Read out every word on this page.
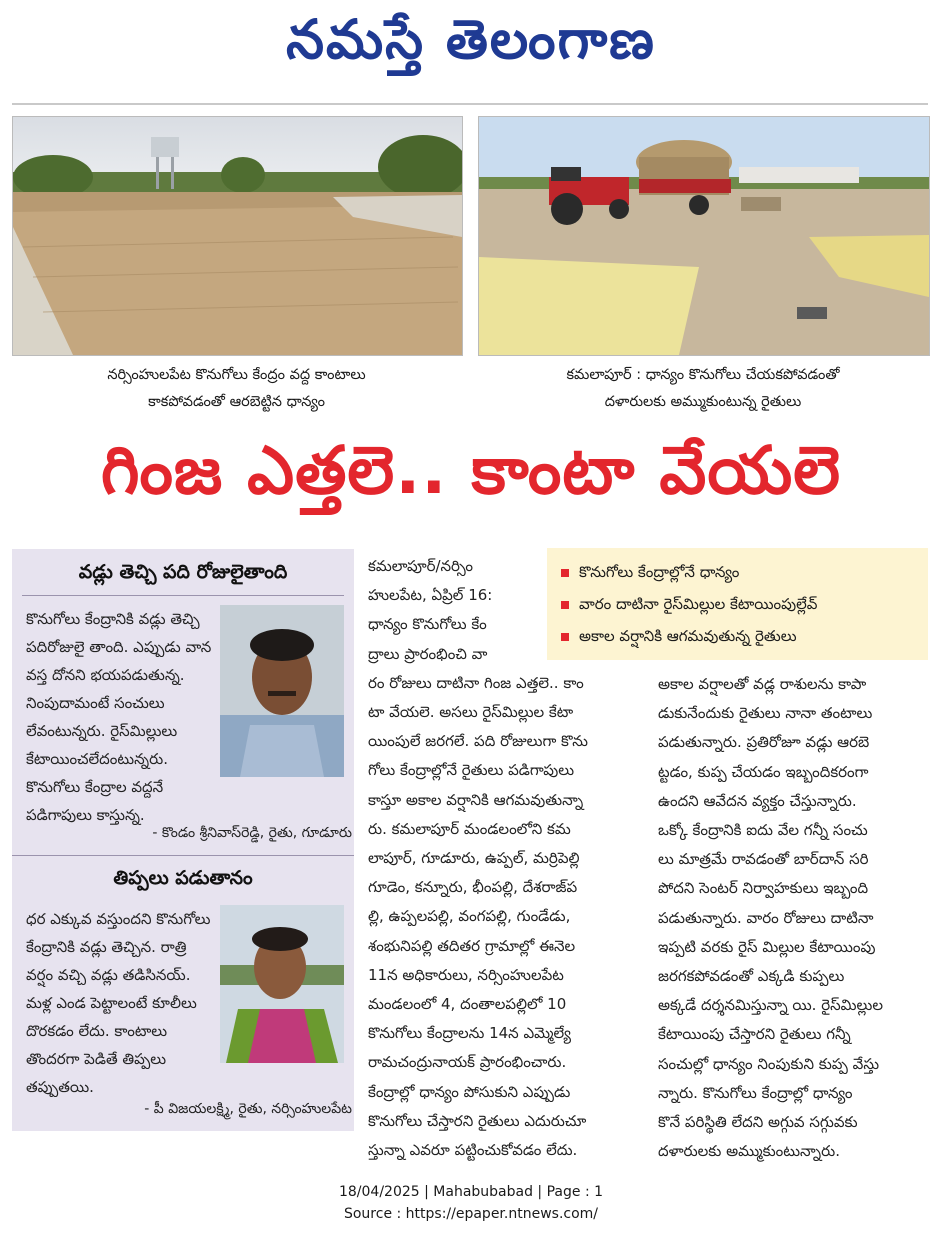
నమస్తే తెలంగాణ
నర్సింహులపేట కొనుగోలు కేంద్రం వద్ద కాంటాలు
కాకపోవడంతో ఆరబెట్టిన ధాన్యం
కమలాపూర్ : ధాన్యం కొనుగోలు చేయకపోవడంతో
దళారులకు అమ్ముకుంటున్న రైతులు
గింజ ఎత్తలె.. కాంటా వేయలె
వడ్లు తెచ్చి పది రోజులైతాంది
కొనుగోలు కేంద్రానికి వడ్లు తెచ్చి పదిరోజులై తాంది. ఎప్పుడు వాన వస్త దోనని భయపడుతున్న. నింపుదామంటే సంచులు లేవంటున్నరు. రైస్‌మిల్లులు కేటాయించలేదంటున్నరు. కొనుగోలు కేంద్రాల వద్దనే పడిగాపులు కాస్తున్న.
- కొండం శ్రీనివాస్‌రెడ్డి, రైతు, గూడూరు
తిప్పలు పడుతానం
ధర ఎక్కువ వస్తుందని కొనుగోలు కేంద్రానికి వడ్లు తెచ్చిన. రాత్రి వర్షం వచ్చి వడ్లు తడిసినయ్. మళ్ల ఎండ పెట్టాలంటే కూలీలు దొరకడం లేదు. కాంటాలు తొందరగా పెడితే తిప్పలు తప్పుతయి.
- పీ విజయలక్ష్మి, రైతు, నర్సింహులపేట
కొనుగోలు కేంద్రాల్లోనే ధాన్యం
వారం దాటినా రైస్‌మిల్లుల కేటాయింపుల్లేవ్
అకాల వర్షానికి ఆగమవుతున్న రైతులు
కమలాపూర్/నర్సిం
హులపేట, ఏప్రిల్ 16:
ధాన్యం కొనుగోలు కేం
ద్రాలు ప్రారంభించి వా
రం రోజులు దాటినా గింజ ఎత్తలె.. కాం
టా వేయలె. అసలు రైస్‌మిల్లుల కేటా
యింపులే జరగలే. పది రోజులుగా కొను
గోలు కేంద్రాల్లోనే రైతులు పడిగాపులు
కాస్తూ అకాల వర్షానికి ఆగమవుతున్నా
రు. కమలాపూర్ మండలంలోని కమ
లాపూర్, గూడూరు, ఉప్పల్, మర్రిపెల్లి
గూడెం, కన్నూరు, భీంపల్లి, దేశరాజ్‌ప
ల్లి, ఉప్పలపల్లి, వంగపల్లి, గుండేడు,
శంభునిపల్లి తదితర గ్రామాల్లో ఈనెల
11న అధికారులు, నర్సింహులపేట
మండలంలో 4, దంతాలపల్లిలో 10
కొనుగోలు కేంద్రాలను 14న ఎమ్మెల్యే
రామచంద్రునాయక్ ప్రారంభించారు.
కేంద్రాల్లో ధాన్యం పోసుకుని ఎప్పుడు
కొనుగోలు చేస్తారని రైతులు ఎదురుచూ
స్తున్నా ఎవరూ పట్టించుకోవడం లేదు.
అకాల వర్షాలతో వడ్ల రాశులను కాపా
డుకునేందుకు రైతులు నానా తంటాలు
పడుతున్నారు. ప్రతిరోజూ వడ్లు ఆరబె
ట్టడం, కుప్ప చేయడం ఇబ్బందికరంగా
ఉందని ఆవేదన వ్యక్తం చేస్తున్నారు.
ఒక్కో కేంద్రానికి ఐదు వేల గన్నీ సంచు
లు మాత్రమే రావడంతో బార్‌దాన్ సరి
పోదని సెంటర్ నిర్వాహకులు ఇబ్బంది
పడుతున్నారు. వారం రోజులు దాటినా
ఇప్పటి వరకు రైస్ మిల్లుల కేటాయింపు
జరగకపోవడంతో ఎక్కడి కుప్పలు
అక్కడే దర్శనమిస్తున్నా యి. రైస్‌మిల్లుల
కేటాయింపు చేస్తారని రైతులు గన్నీ
సంచుల్లో ధాన్యం నింపుకుని కుప్ప వేస్తు
న్నారు. కొనుగోలు కేంద్రాల్లో ధాన్యం
కొనే పరిస్థితి లేదని అగ్గువ సగ్గువకు
దళారులకు అమ్ముకుంటున్నారు.
18/04/2025 | Mahabubabad | Page : 1
Source : https://epaper.ntnews.com/
